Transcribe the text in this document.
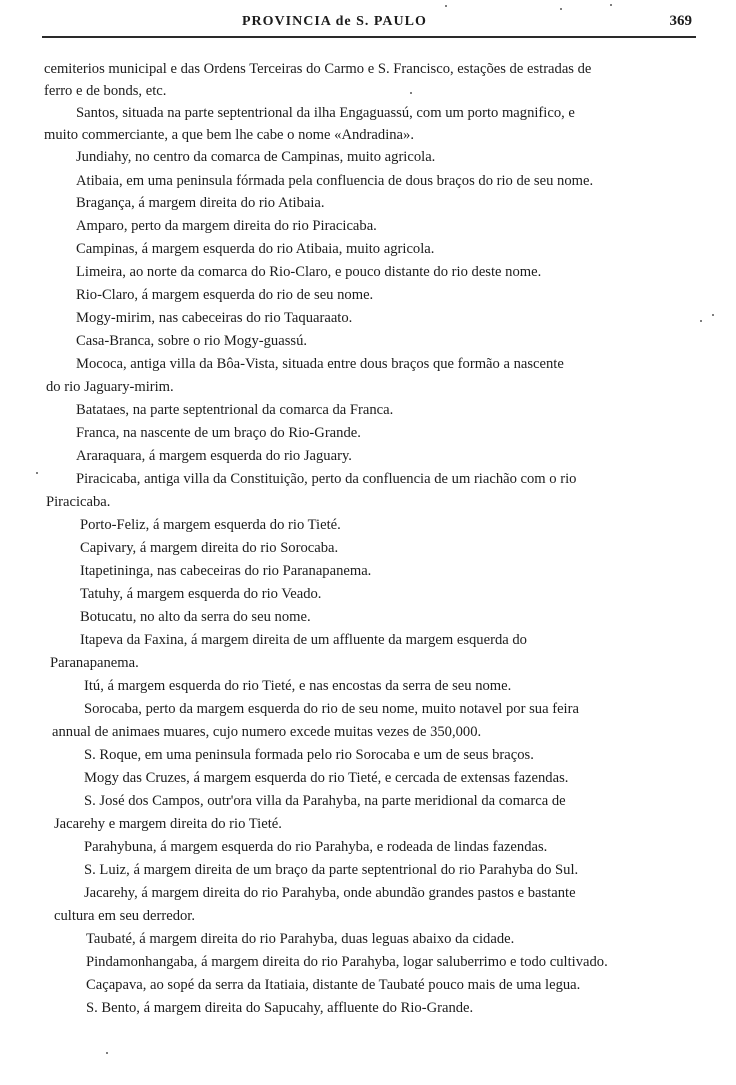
PROVINCIA de S. PAULO	369
cemiterios municipal e das Ordens Terceiras do Carmo e S. Francisco, estações de estradas de
ferro e de bonds, etc.
Santos, situada na parte septentrional da ilha Engaguassú, com um porto magnifico, e
muito commerciante, a que bem lhe cabe o nome «Andradina».
Jundiahy, no centro da comarca de Campinas, muito agricola.
Atibaia, em uma peninsula fórmada pela confluencia de dous braços do rio de seu nome.
Bragança, á margem direita do rio Atibaia.
Amparo, perto da margem direita do rio Piracicaba.
Campinas, á margem esquerda do rio Atibaia, muito agricola.
Limeira, ao norte da comarca do Rio-Claro, e pouco distante do rio deste nome.
Rio-Claro, á margem esquerda do rio de seu nome.
Mogy-mirim, nas cabeceiras do rio Taquaraato.
Casa-Branca, sobre o rio Mogy-guassú.
Mococa, antiga villa da Bôa-Vista, situada entre dous braços que formão a nascente
do rio Jaguary-mirim.
Batataes, na parte septentrional da comarca da Franca.
Franca, na nascente de um braço do Rio-Grande.
Araraquara, á margem esquerda do rio Jaguary.
Piracicaba, antiga villa da Constituição, perto da confluencia de um riachão com o rio
Piracicaba.
Porto-Feliz, á margem esquerda do rio Tieté.
Capivary, á margem direita do rio Sorocaba.
Itapetininga, nas cabeceiras do rio Paranapanema.
Tatuhy, á margem esquerda do rio Veado.
Botucatu, no alto da serra do seu nome.
Itapeva da Faxina, á margem direita de um affluente da margem esquerda do
Paranapanema.
Itú, á margem esquerda do rio Tieté, e nas encostas da serra de seu nome.
Sorocaba, perto da margem esquerda do rio de seu nome, muito notavel por sua feira
annual de animaes muares, cujo numero excede muitas vezes de 350,000.
S. Roque, em uma peninsula formada pelo rio Sorocaba e um de seus braços.
Mogy das Cruzes, á margem esquerda do rio Tieté, e cercada de extensas fazendas.
S. José dos Campos, outr'ora villa da Parahyba, na parte meridional da comarca de
Jacarehy e margem direita do rio Tieté.
Parahybuna, á margem esquerda do rio Parahyba, e rodeada de lindas fazendas.
S. Luiz, á margem direita de um braço da parte septentrional do rio Parahyba do Sul.
Jacarehy, á margem direita do rio Parahyba, onde abundão grandes pastos e bastante
cultura em seu derredor.
Taubaté, á margem direita do rio Parahyba, duas leguas abaixo da cidade.
Pindamonhangaba, á margem direita do rio Parahyba, logar saluberrimo e todo cultivado.
Caçapava, ao sopé da serra da Itatiaia, distante de Taubaté pouco mais de uma legua.
S. Bento, á margem direita do Sapucahy, affluente do Rio-Grande.
